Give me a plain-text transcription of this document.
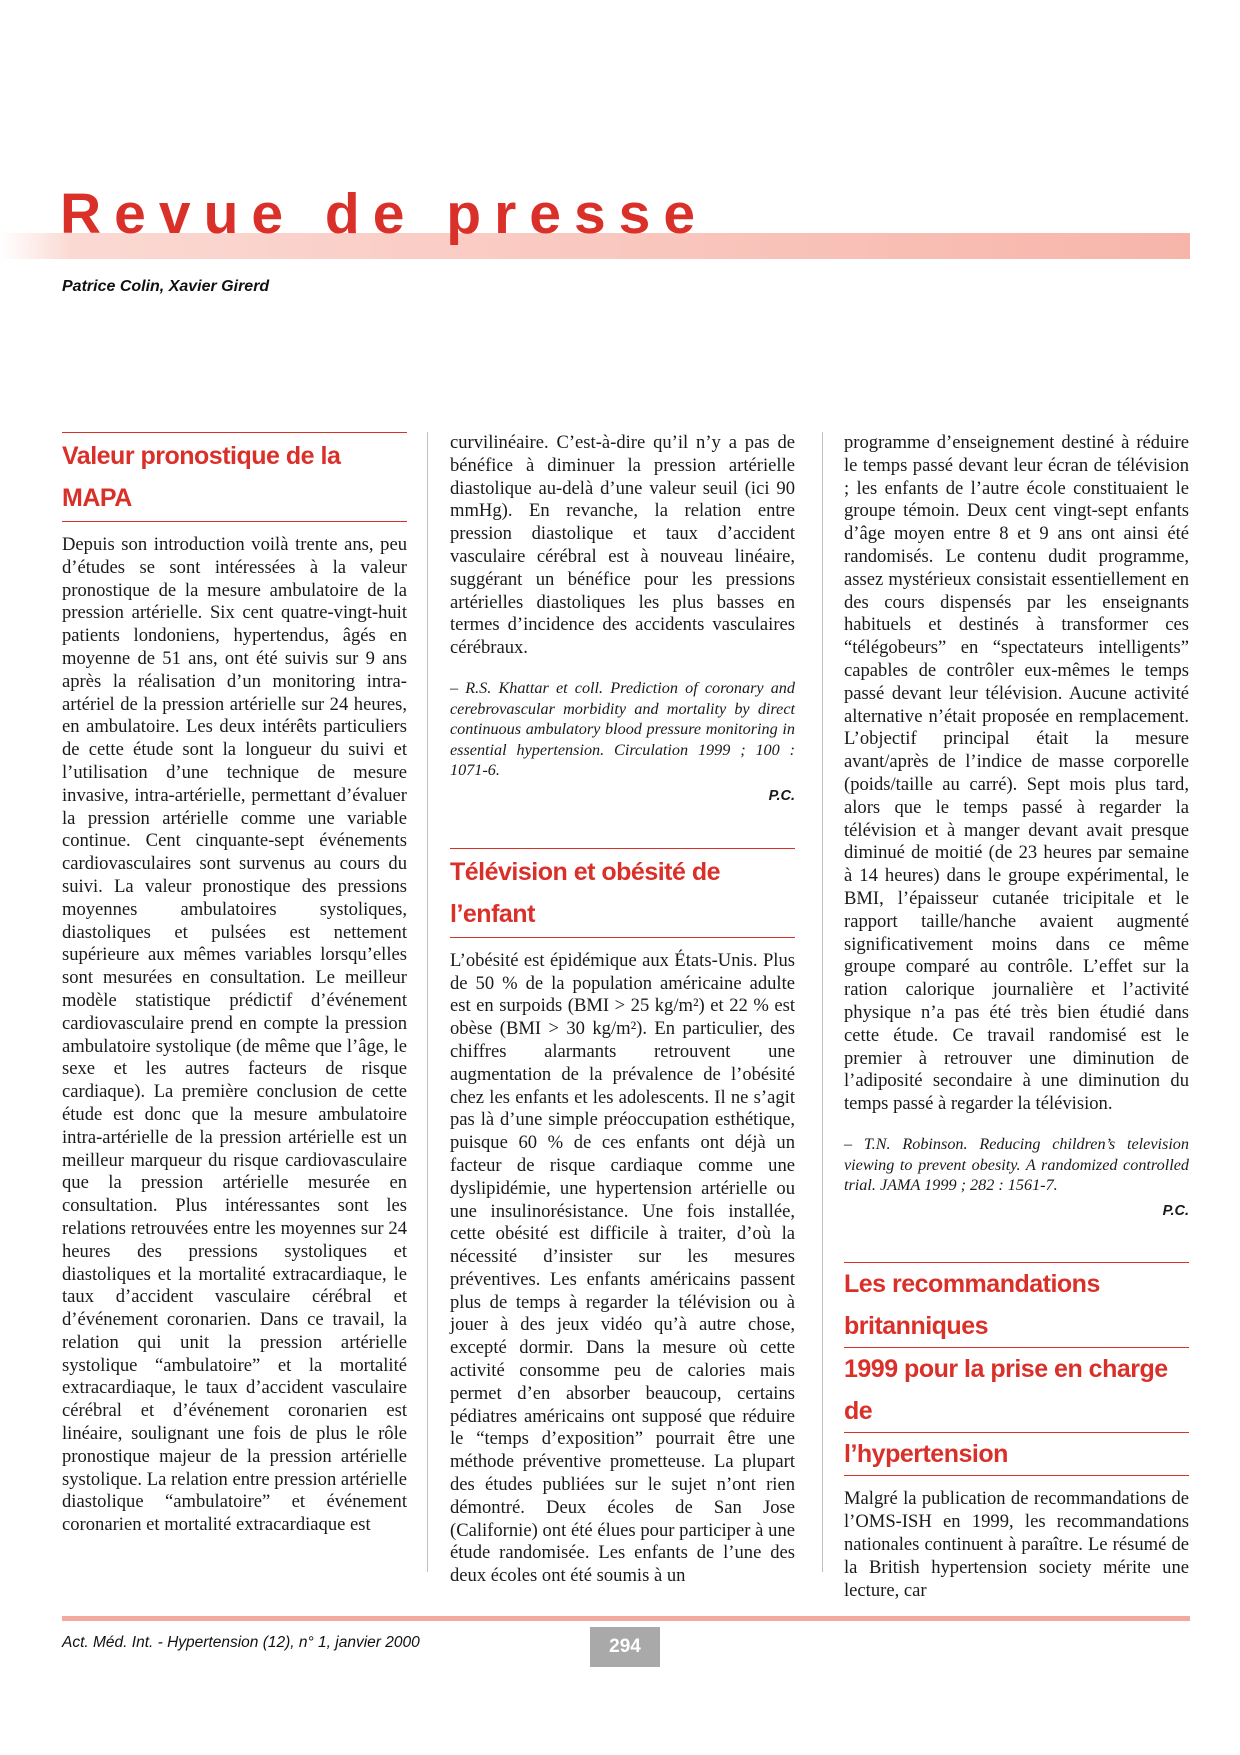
Revue de presse

Patrice Colin, Xavier Girerd

Valeur pronostique de la MAPA

Depuis son introduction voilà trente ans, peu d’études se sont intéressées à la valeur pronostique de la mesure ambulatoire de la pression artérielle. Six cent quatre-vingt-huit patients londoniens, hypertendus, âgés en moyenne de 51 ans, ont été suivis sur 9 ans après la réalisation d’un monitoring intra-artériel de la pression artérielle sur 24 heures, en ambulatoire. Les deux intérêts particuliers de cette étude sont la longueur du suivi et l’utilisation d’une technique de mesure invasive, intra-artérielle, permettant d’évaluer la pression artérielle comme une variable continue. Cent cinquante-sept événements cardiovasculaires sont survenus au cours du suivi. La valeur pronostique des pressions moyennes ambulatoires systoliques, diastoliques et pulsées est nettement supérieure aux mêmes variables lorsqu’elles sont mesurées en consultation. Le meilleur modèle statistique prédictif d’événement cardiovasculaire prend en compte la pression ambulatoire systolique (de même que l’âge, le sexe et les autres facteurs de risque cardiaque). La première conclusion de cette étude est donc que la mesure ambulatoire intra-artérielle de la pression artérielle est un meilleur marqueur du risque cardiovasculaire que la pression artérielle mesurée en consultation. Plus intéressantes sont les relations retrouvées entre les moyennes sur 24 heures des pressions systoliques et diastoliques et la mortalité extracardiaque, le taux d’accident vasculaire cérébral et d’événement coronarien. Dans ce travail, la relation qui unit la pression artérielle systolique “ambulatoire” et la mortalité extracardiaque, le taux d’accident vasculaire cérébral et d’événement coronarien est linéaire, soulignant une fois de plus le rôle pronostique majeur de la pression artérielle systolique. La relation entre pression artérielle diastolique “ambulatoire” et événement coronarien et mortalité extracardiaque est

curvilinéaire. C’est-à-dire qu’il n’y a pas de bénéfice à diminuer la pression artérielle diastolique au-delà d’une valeur seuil (ici 90 mmHg). En revanche, la relation entre pression diastolique et taux d’accident vasculaire cérébral est à nouveau linéaire, suggérant un bénéfice pour les pressions artérielles diastoliques les plus basses en termes d’incidence des accidents vasculaires cérébraux.

– R.S. Khattar et coll. Prediction of coronary and cerebrovascular morbidity and mortality by direct continuous ambulatory blood pressure monitoring in essential hypertension. Circulation 1999 ; 100 : 1071-6.

P.C.

Télévision et obésité de l’enfant

L’obésité est épidémique aux États-Unis. Plus de 50 % de la population américaine adulte est en surpoids (BMI > 25 kg/m²) et 22 % est obèse (BMI > 30 kg/m²). En particulier, des chiffres alarmants retrouvent une augmentation de la prévalence de l’obésité chez les enfants et les adolescents. Il ne s’agit pas là d’une simple préoccupation esthétique, puisque 60 % de ces enfants ont déjà un facteur de risque cardiaque comme une dyslipidémie, une hypertension artérielle ou une insulinorésistance. Une fois installée, cette obésité est difficile à traiter, d’où la nécessité d’insister sur les mesures préventives. Les enfants américains passent plus de temps à regarder la télévision ou à jouer à des jeux vidéo qu’à autre chose, excepté dormir. Dans la mesure où cette activité consomme peu de calories mais permet d’en absorber beaucoup, certains pédiatres américains ont supposé que réduire le “temps d’exposition” pourrait être une méthode préventive prometteuse. La plupart des études publiées sur le sujet n’ont rien démontré. Deux écoles de San Jose (Californie) ont été élues pour participer à une étude randomisée. Les enfants de l’une des deux écoles ont été soumis à un

programme d’enseignement destiné à réduire le temps passé devant leur écran de télévision ; les enfants de l’autre école constituaient le groupe témoin. Deux cent vingt-sept enfants d’âge moyen entre 8 et 9 ans ont ainsi été randomisés. Le contenu dudit programme, assez mystérieux consistait essentiellement en des cours dispensés par les enseignants habituels et destinés à transformer ces “télégobeurs” en “spectateurs intelligents” capables de contrôler eux-mêmes le temps passé devant leur télévision. Aucune activité alternative n’était proposée en remplacement. L’objectif principal était la mesure avant/après de l’indice de masse corporelle (poids/taille au carré). Sept mois plus tard, alors que le temps passé à regarder la télévision et à manger devant avait presque diminué de moitié (de 23 heures par semaine à 14 heures) dans le groupe expérimental, le BMI, l’épaisseur cutanée tricipitale et le rapport taille/hanche avaient augmenté significativement moins dans ce même groupe comparé au contrôle. L’effet sur la ration calorique journalière et l’activité physique n’a pas été très bien étudié dans cette étude. Ce travail randomisé est le premier à retrouver une diminution de l’adiposité secondaire à une diminution du temps passé à regarder la télévision.

– T.N. Robinson. Reducing children’s television viewing to prevent obesity. A randomized controlled trial. JAMA 1999 ; 282 : 1561-7.

P.C.

Les recommandations britanniques
1999 pour la prise en charge de
l’hypertension

Malgré la publication de recommandations de l’OMS-ISH en 1999, les recommandations nationales continuent à paraître. Le résumé de la British hypertension society mérite une lecture, car

Act. Méd. Int. - Hypertension (12), n° 1, janvier 2000	294
